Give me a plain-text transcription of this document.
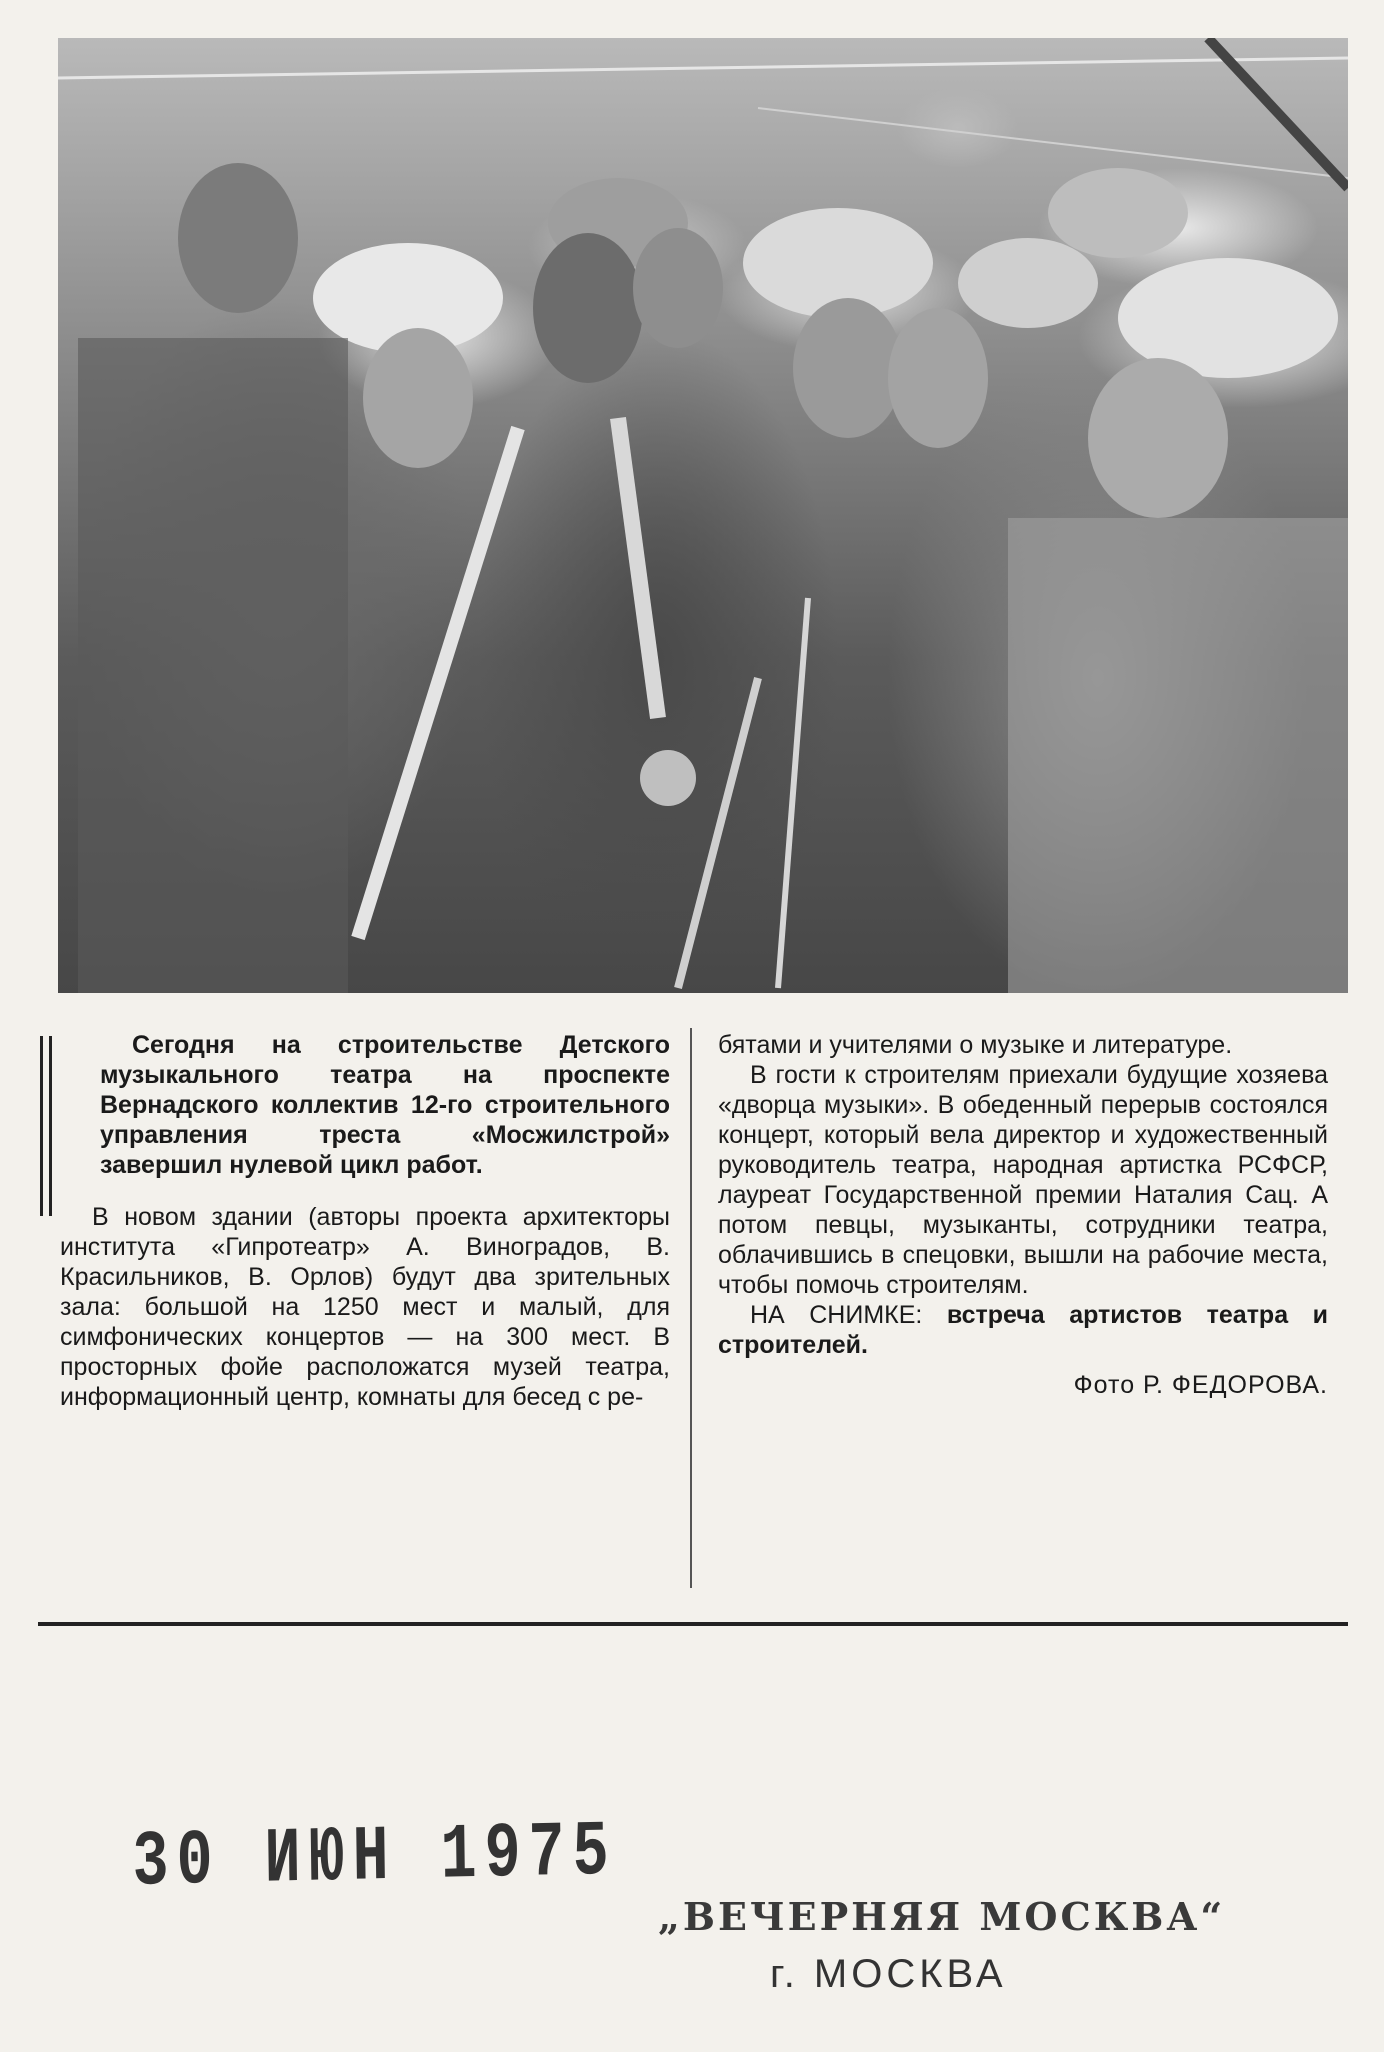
Сегодня на строительстве Детского музыкального театра на проспекте Вернадского коллектив 12-го строительного управления треста «Мосжилстрой» завершил нулевой цикл работ.

В новом здании (авторы проекта архитекторы института «Гипротеатр» А. Виноградов, В. Красильников, В. Орлов) будут два зрительных зала: большой на 1250 мест и малый, для симфонических концертов — на 300 мест. В просторных фойе расположатся музей театра, информационный центр, комнаты для бесед с ре-

бятами и учителями о музыке и литературе.

В гости к строителям приехали будущие хозяева «дворца музыки». В обеденный перерыв состоялся концерт, который вела директор и художественный руководитель театра, народная артистка РСФСР, лауреат Государственной премии Наталия Сац. А потом певцы, музыканты, сотрудники театра, облачившись в спецовки, вышли на рабочие места, чтобы помочь строителям.

НА СНИМКЕ: встреча артистов театра и строителей.

Фото Р. ФЕДОРОВА.

30 ИЮН 1975
„ВЕЧЕРНЯЯ МОСКВА“
г. МОСКВА
